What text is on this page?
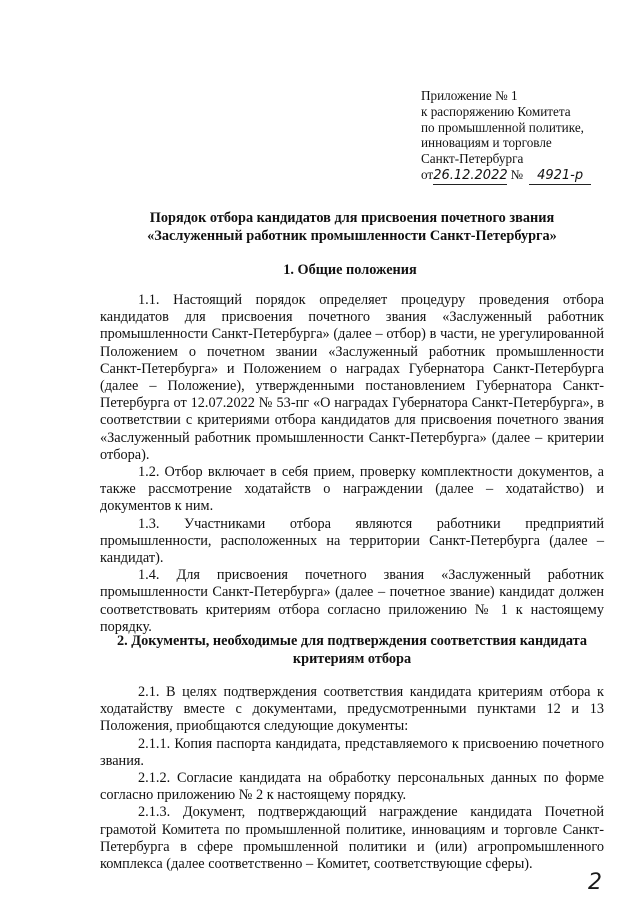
Приложение № 1
к распоряжению Комитета
по промышленной политике,
инновациям и торговле
Санкт-Петербурга
от26.12.2022 № 4921-р
Порядок отбора кандидатов для присвоения почетного звания
«Заслуженный работник промышленности Санкт-Петербурга»
1. Общие положения

1.1. Настоящий порядок определяет процедуру проведения отбора кандидатов для присвоения почетного звания «Заслуженный работник промышленности Санкт-Петербурга» (далее – отбор) в части, не урегулированной Положением о почетном звании «Заслуженный работник промышленности Санкт-Петербурга» и Положением о наградах Губернатора Санкт-Петербурга (далее – Положение), утвержденными постановлением Губернатора Санкт-Петербурга от 12.07.2022 № 53-пг «О наградах Губернатора Санкт-Петербурга», в соответствии с критериями отбора кандидатов для присвоения почетного звания «Заслуженный работник промышленности Санкт-Петербурга» (далее – критерии отбора).

1.2. Отбор включает в себя прием, проверку комплектности документов, а также рассмотрение ходатайств о награждении (далее – ходатайство) и документов к ним.

1.3. Участниками отбора являются работники предприятий промышленности, расположенных на территории Санкт-Петербурга (далее – кандидат).

1.4. Для присвоения почетного звания «Заслуженный работник промышленности Санкт-Петербурга» (далее – почетное звание) кандидат должен соответствовать критериям отбора согласно приложению № 1 к настоящему порядку.

2. Документы, необходимые для подтверждения соответствия кандидата
критериям отбора

2.1. В целях подтверждения соответствия кандидата критериям отбора к ходатайству вместе с документами, предусмотренными пунктами 12 и 13 Положения, приобщаются следующие документы:

2.1.1. Копия паспорта кандидата, представляемого к присвоению почетного звания.

2.1.2. Согласие кандидата на обработку персональных данных по форме согласно приложению № 2 к настоящему порядку.

2.1.3. Документ, подтверждающий награждение кандидата Почетной грамотой Комитета по промышленной политике, инновациям и торговле Санкт-Петербурга в сфере промышленной политики и (или) агропромышленного комплекса (далее соответственно – Комитет, соответствующие сферы).

2
